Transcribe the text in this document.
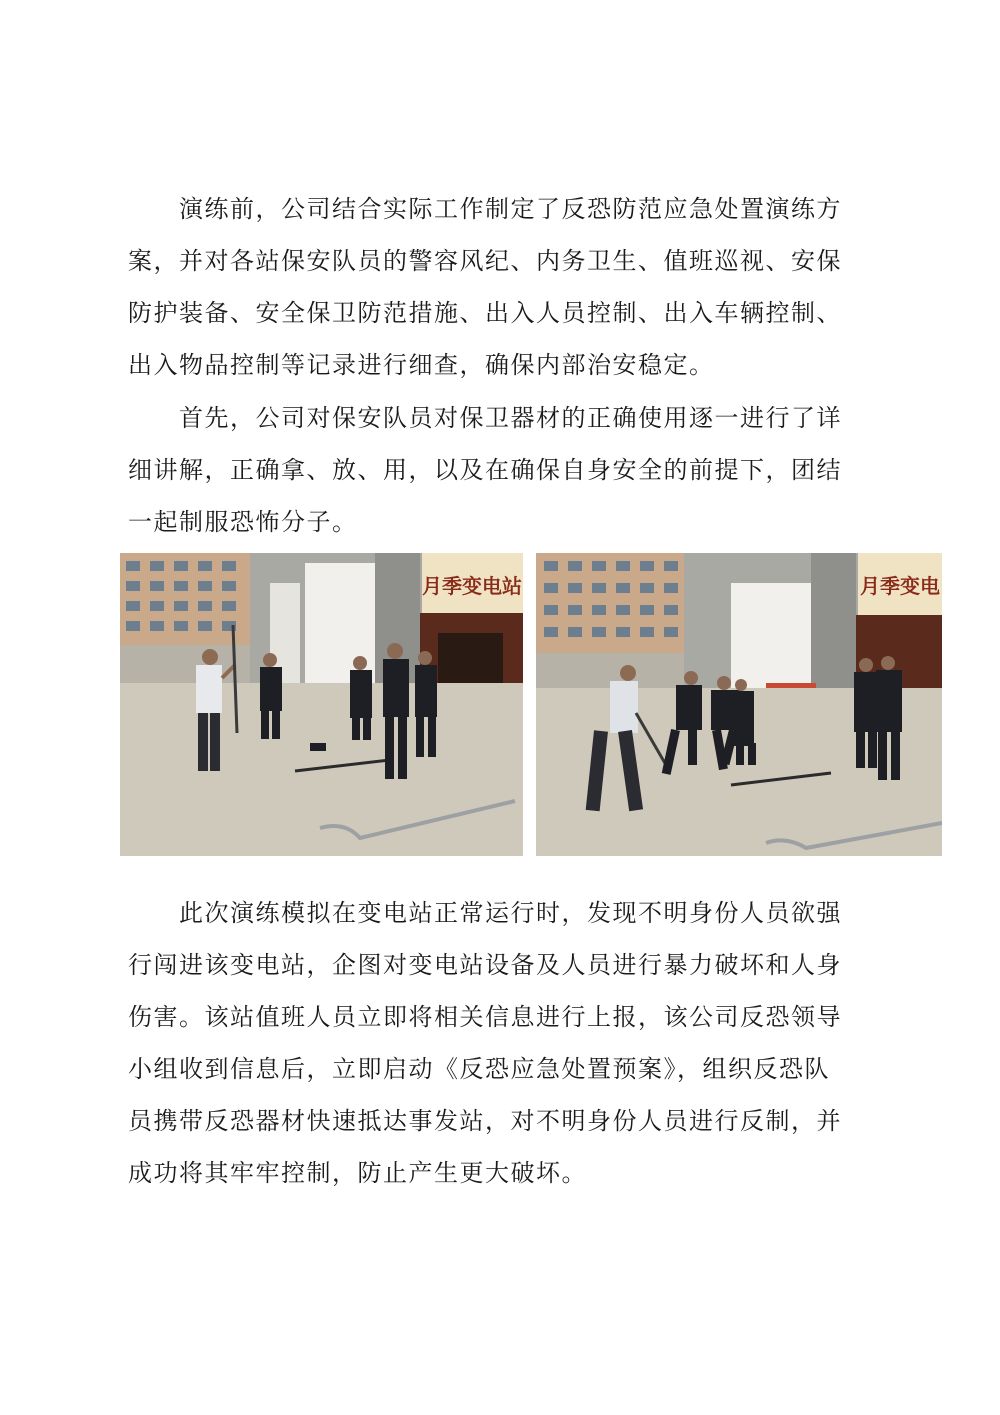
　　演练前，公司结合实际工作制定了反恐防范应急处置演练方
案，并对各站保安队员的警容风纪、内务卫生、值班巡视、安保
防护装备、安全保卫防范措施、出入人员控制、出入车辆控制、
出入物品控制等记录进行细查，确保内部治安稳定。

　　首先，公司对保安队员对保卫器材的正确使用逐一进行了详
细讲解，正确拿、放、用，以及在确保自身安全的前提下，团结
一起制服恐怖分子。

月季变电站	月季变电

　　此次演练模拟在变电站正常运行时，发现不明身份人员欲强
行闯进该变电站，企图对变电站设备及人员进行暴力破坏和人身
伤害。该站值班人员立即将相关信息进行上报，该公司反恐领导
小组收到信息后，立即启动《反恐应急处置预案》，组织反恐队
员携带反恐器材快速抵达事发站，对不明身份人员进行反制，并
成功将其牢牢控制，防止产生更大破坏。
